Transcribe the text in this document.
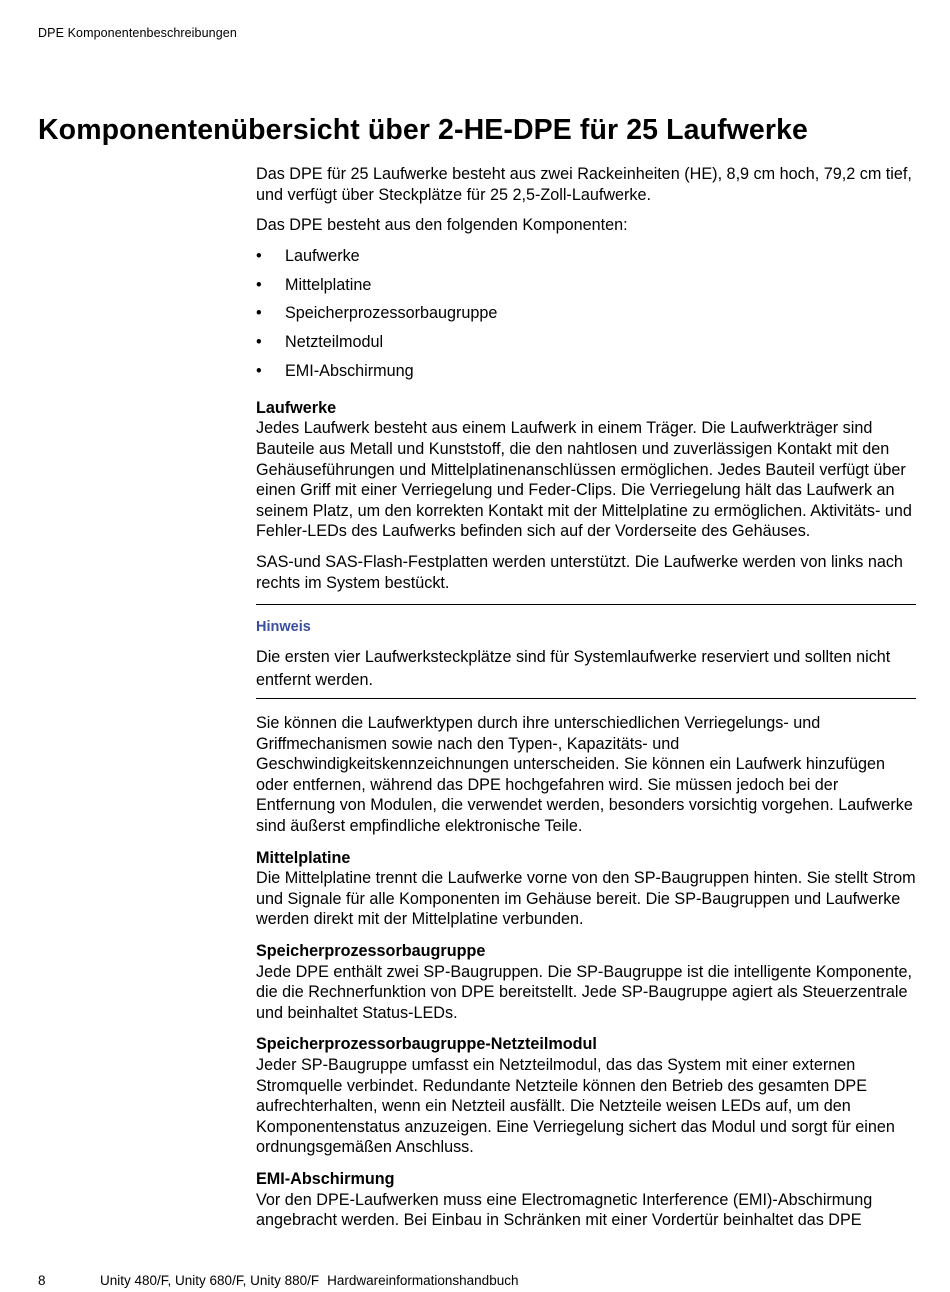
DPE Komponentenbeschreibungen
Komponentenübersicht über 2-HE-DPE für 25 Laufwerke

Das DPE für 25 Laufwerke besteht aus zwei Rackeinheiten (HE), 8,9 cm hoch, 79,2 cm tief, und verfügt über Steckplätze für 25 2,5-Zoll-Laufwerke.

Das DPE besteht aus den folgenden Komponenten:

• Laufwerke
• Mittelplatine
• Speicherprozessorbaugruppe
• Netzteilmodul
• EMI-Abschirmung
Laufwerke

Jedes Laufwerk besteht aus einem Laufwerk in einem Träger. Die Laufwerkträger sind Bauteile aus Metall und Kunststoff, die den nahtlosen und zuverlässigen Kontakt mit den Gehäuseführungen und Mittelplatinenanschlüssen ermöglichen. Jedes Bauteil verfügt über einen Griff mit einer Verriegelung und Feder-Clips. Die Verriegelung hält das Laufwerk an seinem Platz, um den korrekten Kontakt mit der Mittelplatine zu ermöglichen. Aktivitäts- und Fehler-LEDs des Laufwerks befinden sich auf der Vorderseite des Gehäuses.

SAS-und SAS-Flash-Festplatten werden unterstützt. Die Laufwerke werden von links nach rechts im System bestückt.

Hinweis
Die ersten vier Laufwerksteckplätze sind für Systemlaufwerke reserviert und sollten nicht entfernt werden.

Sie können die Laufwerktypen durch ihre unterschiedlichen Verriegelungs- und Griffmechanismen sowie nach den Typen-, Kapazitäts- und Geschwindigkeitskennzeichnungen unterscheiden. Sie können ein Laufwerk hinzufügen oder entfernen, während das DPE hochgefahren wird. Sie müssen jedoch bei der Entfernung von Modulen, die verwendet werden, besonders vorsichtig vorgehen. Laufwerke sind äußerst empfindliche elektronische Teile.

Mittelplatine

Die Mittelplatine trennt die Laufwerke vorne von den SP-Baugruppen hinten. Sie stellt Strom und Signale für alle Komponenten im Gehäuse bereit. Die SP-Baugruppen und Laufwerke werden direkt mit der Mittelplatine verbunden.

Speicherprozessorbaugruppe

Jede DPE enthält zwei SP-Baugruppen. Die SP-Baugruppe ist die intelligente Komponente, die die Rechnerfunktion von DPE bereitstellt. Jede SP-Baugruppe agiert als Steuerzentrale und beinhaltet Status-LEDs.

Speicherprozessorbaugruppe-Netzteilmodul

Jeder SP-Baugruppe umfasst ein Netzteilmodul, das das System mit einer externen Stromquelle verbindet. Redundante Netzteile können den Betrieb des gesamten DPE aufrechterhalten, wenn ein Netzteil ausfällt. Die Netzteile weisen LEDs auf, um den Komponentenstatus anzuzeigen. Eine Verriegelung sichert das Modul und sorgt für einen ordnungsgemäßen Anschluss.

EMI-Abschirmung

Vor den DPE-Laufwerken muss eine Electromagnetic Interference (EMI)-Abschirmung angebracht werden. Bei Einbau in Schränken mit einer Vordertür beinhaltet das DPE

8	Unity 480/F, Unity 680/F, Unity 880/F Hardwareinformationshandbuch
